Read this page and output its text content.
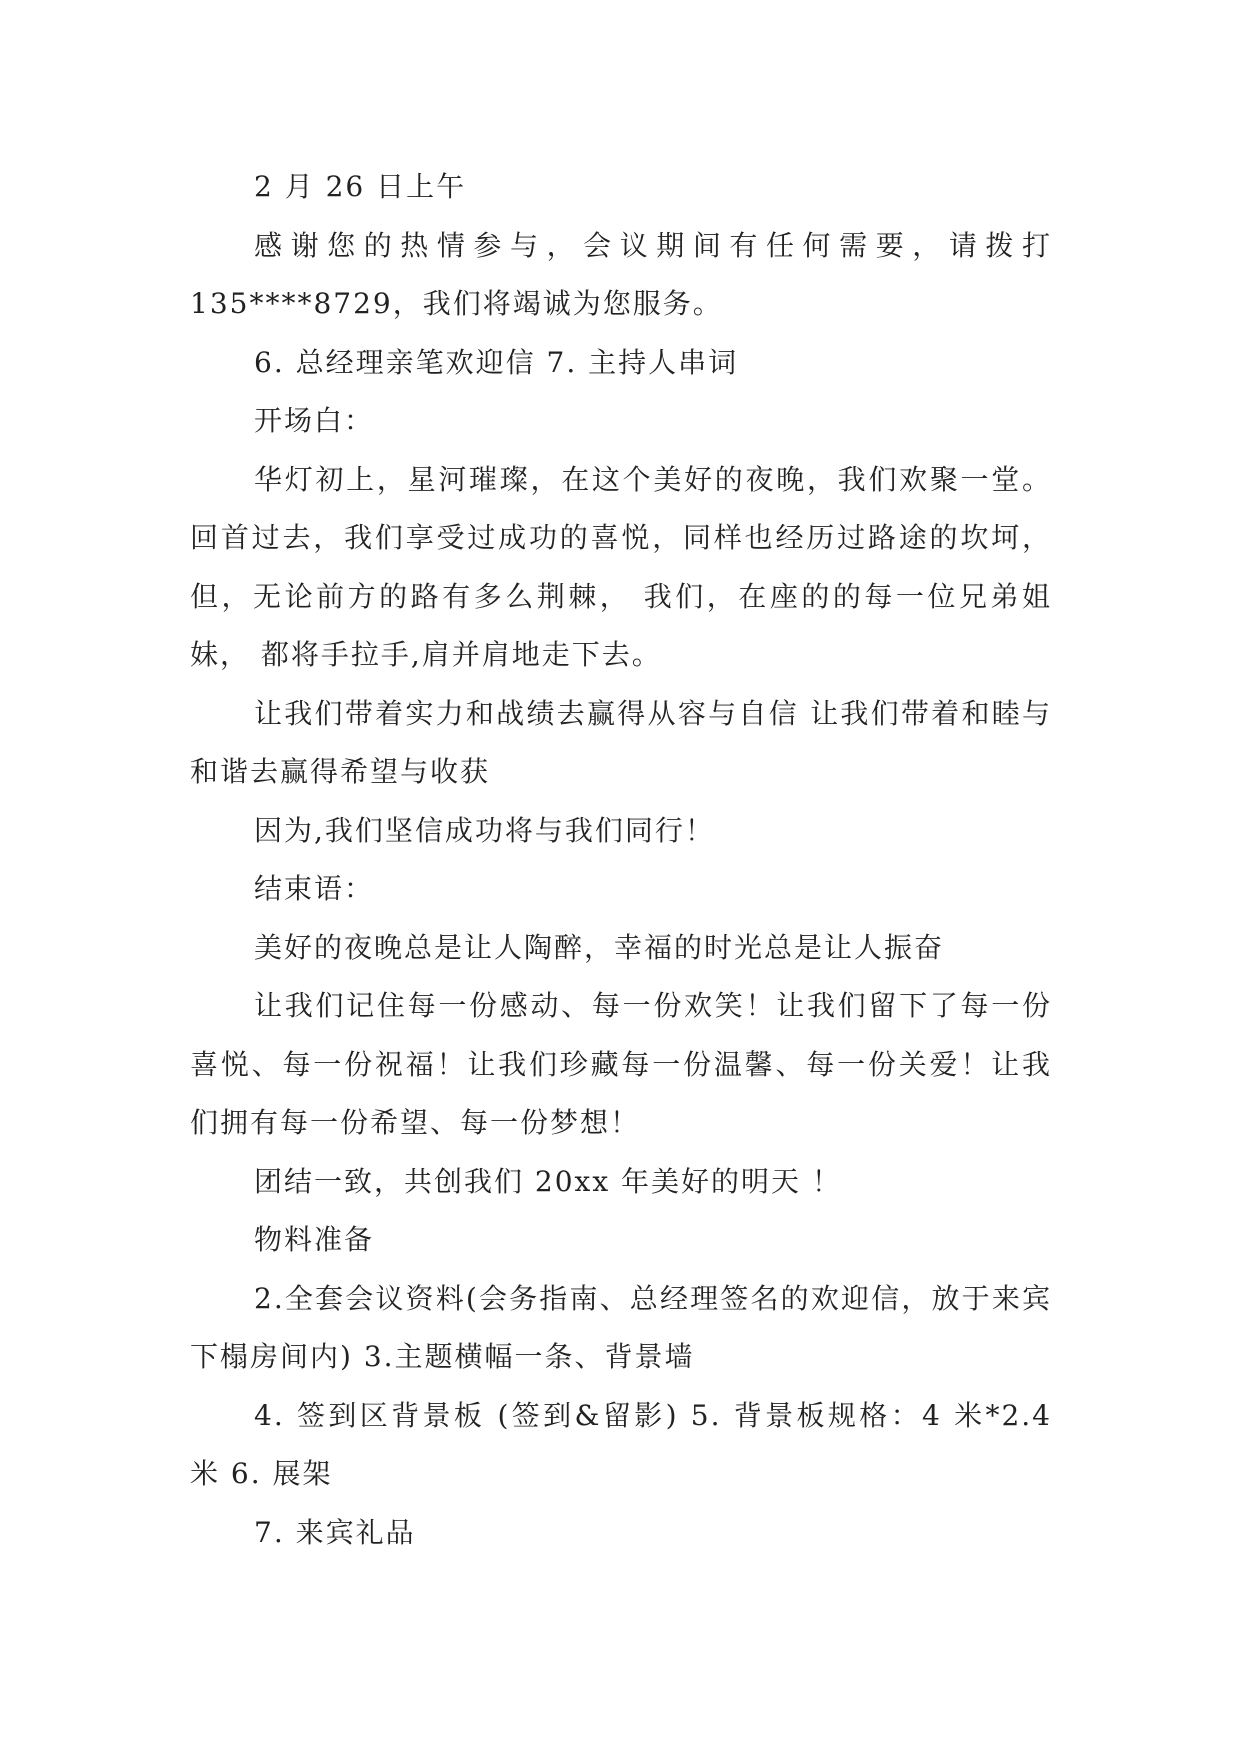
2 月 26 日上午

感谢您的热情参与，会议期间有任何需要，请拨打 135****8729，我们将竭诚为您服务。

6. 总经理亲笔欢迎信 7. 主持人串词

开场白：

华灯初上，星河璀璨，在这个美好的夜晚，我们欢聚一堂。 回首过去，我们享受过成功的喜悦，同样也经历过路途的坎坷， 但，无论前方的路有多么荆棘， 我们，在座的的每一位兄弟姐妹， 都将手拉手,肩并肩地走下去。

让我们带着实力和战绩去赢得从容与自信 让我们带着和睦与和谐去赢得希望与收获

因为,我们坚信成功将与我们同行！

结束语：

美好的夜晚总是让人陶醉，幸福的时光总是让人振奋

让我们记住每一份感动、每一份欢笑！让我们留下了每一份喜悦、每一份祝福！让我们珍藏每一份温馨、每一份关爱！让我们拥有每一份希望、每一份梦想！

团结一致，共创我们 20xx 年美好的明天 ！

物料准备

2.全套会议资料(会务指南、总经理签名的欢迎信，放于来宾下榻房间内) 3.主题横幅一条、背景墙

4. 签到区背景板 (签到&留影) 5. 背景板规格：4 米*2.4 米 6. 展架

7. 来宾礼品
